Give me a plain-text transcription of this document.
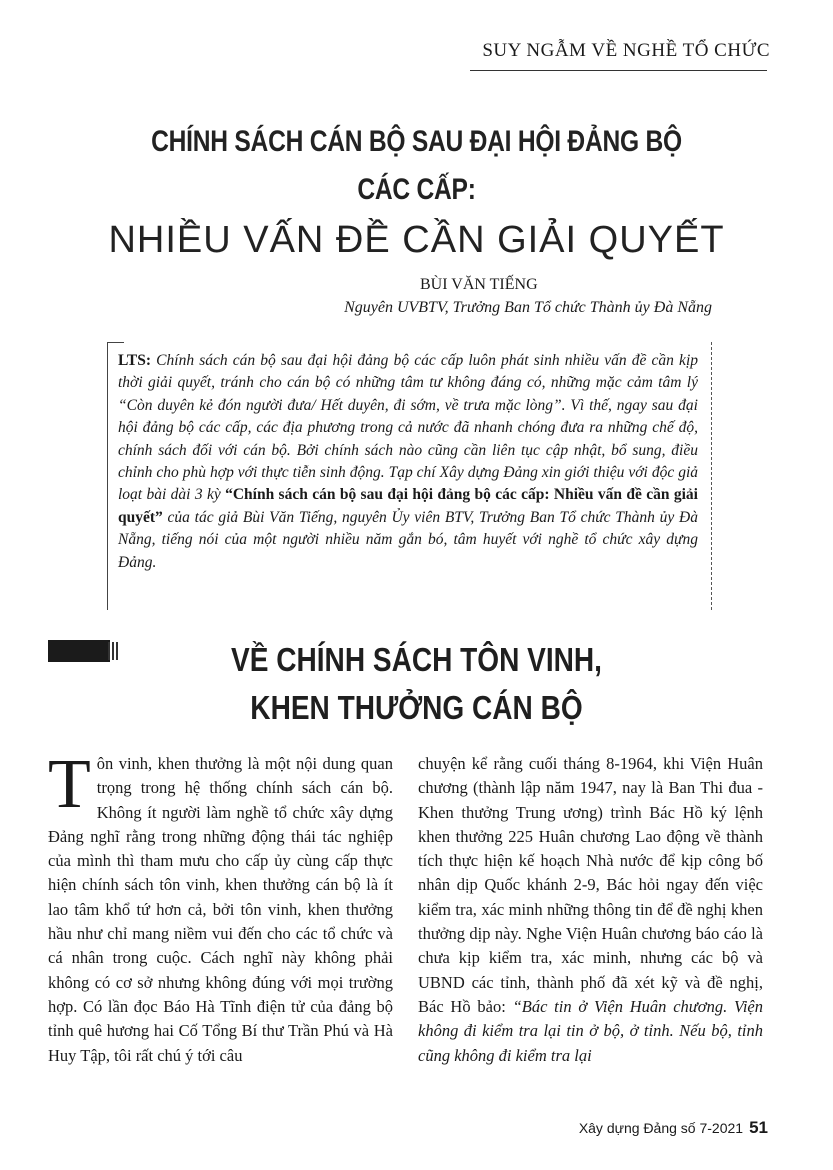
SUY NGẪM VỀ NGHỀ TỔ CHỨC
CHÍNH SÁCH CÁN BỘ SAU ĐẠI HỘI ĐẢNG BỘ CÁC CẤP:
NHIỀU VẤN ĐỀ CẦN GIẢI QUYẾT
BÙI VĂN TIẾNG
Nguyên UVBTV, Trưởng Ban Tổ chức Thành ủy Đà Nẵng
LTS: Chính sách cán bộ sau đại hội đảng bộ các cấp luôn phát sinh nhiều vấn đề cần kịp thời giải quyết, tránh cho cán bộ có những tâm tư không đáng có, những mặc cảm tâm lý “Còn duyên kẻ đón người đưa/ Hết duyên, đi sớm, về trưa mặc lòng”. Vì thế, ngay sau đại hội đảng bộ các cấp, các địa phương trong cả nước đã nhanh chóng đưa ra những chế độ, chính sách đối với cán bộ. Bởi chính sách nào cũng cần liên tục cập nhật, bổ sung, điều chỉnh cho phù hợp với thực tiễn sinh động. Tạp chí Xây dựng Đảng xin giới thiệu với độc giả loạt bài dài 3 kỳ “Chính sách cán bộ sau đại hội đảng bộ các cấp: Nhiều vấn đề cần giải quyết” của tác giả Bùi Văn Tiếng, nguyên Ủy viên BTV, Trưởng Ban Tổ chức Thành ủy Đà Nẵng, tiếng nói của một người nhiều năm gắn bó, tâm huyết với nghề tổ chức xây dựng Đảng.
VỀ CHÍNH SÁCH TÔN VINH,
KHEN THƯỞNG CÁN BỘ
Tôn vinh, khen thưởng là một nội dung quan trọng trong hệ thống chính sách cán bộ. Không ít người làm nghề tổ chức xây dựng Đảng nghĩ rằng trong những động thái tác nghiệp của mình thì tham mưu cho cấp ủy cùng cấp thực hiện chính sách tôn vinh, khen thưởng cán bộ là ít lao tâm khổ tứ hơn cả, bởi tôn vinh, khen thưởng hầu như chỉ mang niềm vui đến cho các tổ chức và cá nhân trong cuộc. Cách nghĩ này không phải không có cơ sở nhưng không đúng với mọi trường hợp. Có lần đọc Báo Hà Tĩnh điện tử của đảng bộ tỉnh quê hương hai Cố Tổng Bí thư Trần Phú và Hà Huy Tập, tôi rất chú ý tới câu
chuyện kể rằng cuối tháng 8-1964, khi Viện Huân chương (thành lập năm 1947, nay là Ban Thi đua - Khen thưởng Trung ương) trình Bác Hồ ký lệnh khen thưởng 225 Huân chương Lao động về thành tích thực hiện kế hoạch Nhà nước để kịp công bố nhân dịp Quốc khánh 2-9, Bác hỏi ngay đến việc kiểm tra, xác minh những thông tin để đề nghị khen thưởng dịp này. Nghe Viện Huân chương báo cáo là chưa kịp kiểm tra, xác minh, nhưng các bộ và UBND các tỉnh, thành phố đã xét kỹ và đề nghị, Bác Hồ bảo: “Bác tin ở Viện Huân chương. Viện không đi kiểm tra lại tin ở bộ, ở tỉnh. Nếu bộ, tỉnh cũng không đi kiểm tra lại
Xây dựng Đảng số 7-2021 51
